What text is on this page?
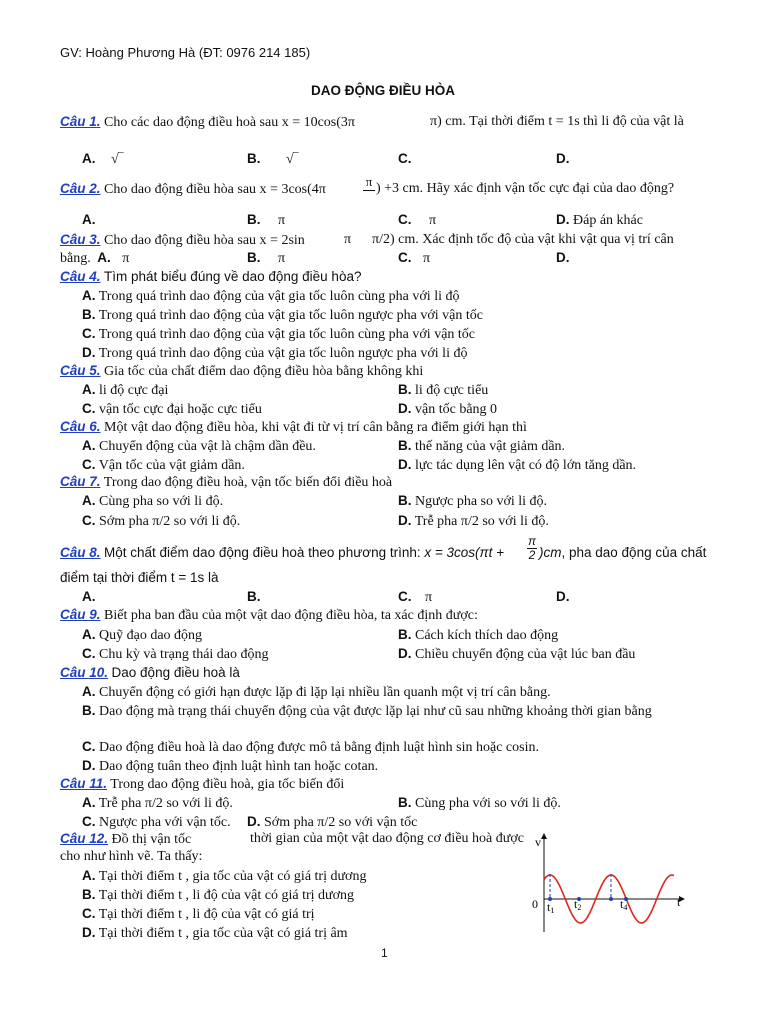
GV: Hoàng Phương Hà (ĐT: 0976 214 185)
DAO ĐỘNG ĐIỀU HÒA
Câu 1. Cho các dao động điều hoà sau x = 10cos(3π	π) cm. Tại thời điểm t = 1s thì li độ của vật là
A. √‾	B. √‾	C.	D.
Câu 2. Cho dao động điều hòa sau x = 3cos(4π
π ) +3 cm. Hãy xác định vận tốc cực đại của dao động?
A.	B. π	C. π	D. Đáp án khác
Câu 3. Cho dao động điều hòa sau x = 2sin	π π/2) cm. Xác định tốc độ của vật khi vật qua vị trí cân
bằng. A. π	B. π	C. π	D.
Câu 4. Tìm phát biểu đúng về dao động điều hòa?
A. Trong quá trình dao động của vật gia tốc luôn cùng pha với li độ
B. Trong quá trình dao động của vật gia tốc luôn ngược pha với vận tốc
C. Trong quá trình dao động của vật gia tốc luôn cùng pha với vận tốc
D. Trong quá trình dao động của vật gia tốc luôn ngược pha với li độ
Câu 5. Gia tốc của chất điểm dao động điều hòa bằng không khi
A. li độ cực đại	B. li độ cực tiểu
C. vận tốc cực đại hoặc cực tiểu	D. vận tốc bằng 0
Câu 6. Một vật dao động điều hòa, khi vật đi từ vị trí cân bằng ra điểm giới hạn thì
A. Chuyển động của vật là chậm dần đều.	B. thế năng của vật giảm dần.
C. Vận tốc của vật giảm dần.	D. lực tác dụng lên vật có độ lớn tăng dần.
Câu 7. Trong dao động điều hoà, vận tốc biến đổi điều hoà
A. Cùng pha so với li độ.	B. Ngược pha so với li độ.
C. Sớm pha π/2 so với li độ.	D. Trễ pha π/2 so với li độ.
Câu 8. Một chất điểm dao động điều hoà theo phương trình: x = 3cos(πt +
π
2 )cm, pha dao động của chất
điểm tại thời điểm t = 1s là
A.	B.	C. π	D.
Câu 9. Biết pha ban đầu của một vật dao động điều hòa, ta xác định được:
A. Quỹ đạo dao động	B. Cách kích thích dao động
C. Chu kỳ và trạng thái dao động	D. Chiều chuyển động của vật lúc ban đầu
Câu 10. Dao động điều hoà là
A. Chuyển động có giới hạn được lặp đi lặp lại nhiều lần quanh một vị trí cân bằng.
B. Dao động mà trạng thái chuyển động của vật được lặp lại như cũ sau những khoảng thời gian bằng
C. Dao động điều hoà là dao động được mô tả bằng định luật hình sin hoặc cosin.
D. Dao động tuân theo định luật hình tan hoặc cotan.
Câu 11. Trong dao động điều hoà, gia tốc biến đổi
A. Trễ pha π/2 so với li độ.	B. Cùng pha với so với li độ.
C. Ngược pha với vận tốc. D. Sớm pha π/2 so với vận tốc
Câu 12. Đồ thị vận tốc	thời gian của một vật dao động cơ điều hoà được
cho như hình vẽ. Ta thấy:
A. Tại thời điểm t , gia tốc của vật có giá trị dương
B. Tại thời điểm t , li độ của vật có giá trị dương
C. Tại thời điểm t , li độ của vật có giá trị
D. Tại thời điểm t , gia tốc của vật có giá trị âm
v
t
0 t1 t2	t4
1
